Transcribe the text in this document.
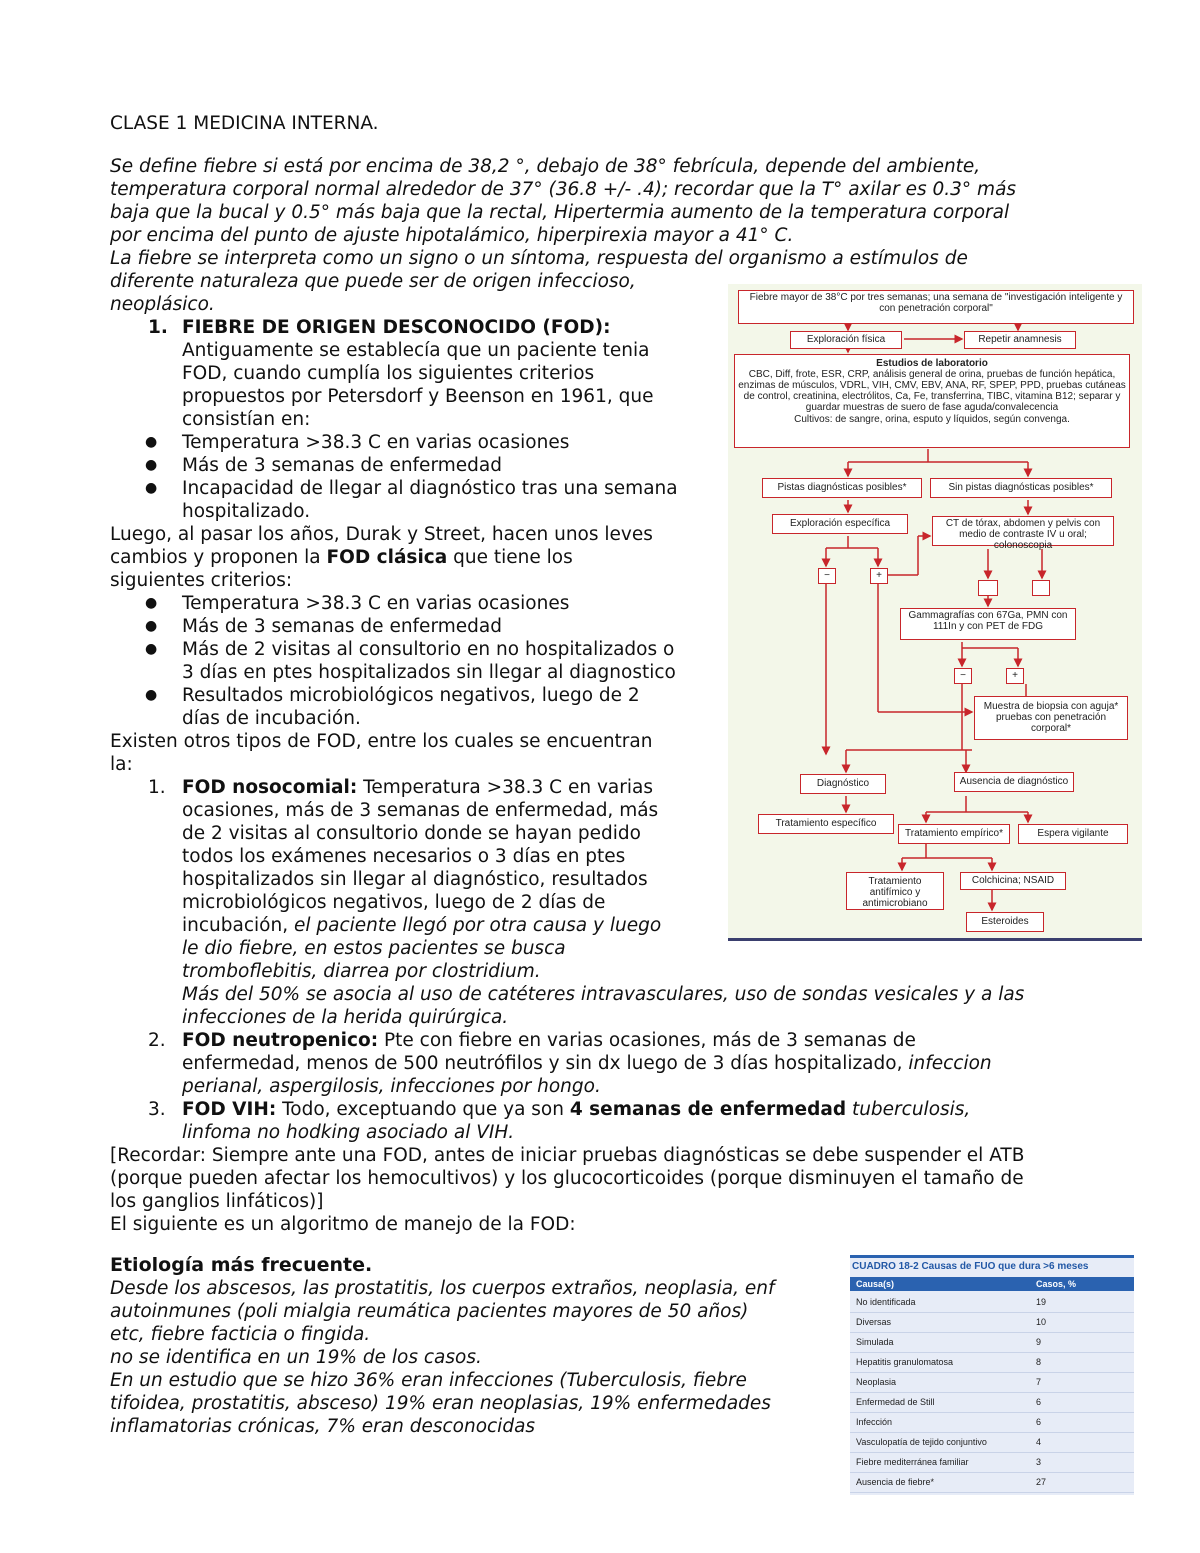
CLASE 1 MEDICINA INTERNA.
Se define fiebre si está por encima de 38,2 °, debajo de 38° febrícula, depende del ambiente,
temperatura corporal normal alrededor de 37° (36.8 +/- .4); recordar que la T° axilar es 0.3° más
baja que la bucal y 0.5° más baja que la rectal, Hipertermia aumento de la temperatura corporal
por encima del punto de ajuste hipotalámico, hiperpirexia mayor a 41° C.
La fiebre se interpreta como un signo o un síntoma, respuesta del organismo a estímulos de
diferente naturaleza que puede ser de origen infeccioso,
neoplásico.
1. FIEBRE DE ORIGEN DESCONOCIDO (FOD):
Antiguamente se establecía que un paciente tenia
FOD, cuando cumplía los siguientes criterios
propuestos por Petersdorf y Beenson en 1961, que
consistían en:
● Temperatura >38.3 C en varias ocasiones
● Más de 3 semanas de enfermedad
● Incapacidad de llegar al diagnóstico tras una semana
hospitalizado.
Luego, al pasar los años, Durak y Street, hacen unos leves
cambios y proponen la FOD clásica que tiene los
siguientes criterios:
● Temperatura >38.3 C en varias ocasiones
● Más de 3 semanas de enfermedad
● Más de 2 visitas al consultorio en no hospitalizados o
3 días en ptes hospitalizados sin llegar al diagnostico
● Resultados microbiológicos negativos, luego de 2
días de incubación.
Existen otros tipos de FOD, entre los cuales se encuentran
la:
1. FOD nosocomial: Temperatura >38.3 C en varias
ocasiones, más de 3 semanas de enfermedad, más
de 2 visitas al consultorio donde se hayan pedido
todos los exámenes necesarios o 3 días en ptes
hospitalizados sin llegar al diagnóstico, resultados
microbiológicos negativos, luego de 2 días de
incubación, el paciente llegó por otra causa y luego
le dio fiebre, en estos pacientes se busca
tromboflebitis, diarrea por clostridium.
Más del 50% se asocia al uso de catéteres intravasculares, uso de sondas vesicales y a las
infecciones de la herida quirúrgica.
2. FOD neutropenico: Pte con fiebre en varias ocasiones, más de 3 semanas de
enfermedad, menos de 500 neutrófilos y sin dx luego de 3 días hospitalizado, infeccion
perianal, aspergilosis, infecciones por hongo.
3. FOD VIH: Todo, exceptuando que ya son 4 semanas de enfermedad tuberculosis,
linfoma no hodking asociado al VIH.
[Recordar: Siempre ante una FOD, antes de iniciar pruebas diagnósticas se debe suspender el ATB
(porque pueden afectar los hemocultivos) y los glucocorticoides (porque disminuyen el tamaño de
los ganglios linfáticos)]
El siguiente es un algoritmo de manejo de la FOD:
Etiología más frecuente.
Desde los abscesos, las prostatitis, los cuerpos extraños, neoplasia, enf
autoinmunes (poli mialgia reumática pacientes mayores de 50 años)
etc, fiebre facticia o fingida.
no se identifica en un 19% de los casos.
En un estudio que se hizo 36% eran infecciones (Tuberculosis, fiebre
tifoidea, prostatitis, absceso) 19% eran neoplasias, 19% enfermedades
inflamatorias crónicas, 7% eran desconocidas
Fiebre mayor de 38°C por tres semanas; una semana de "investigación inteligente y con penetración corporal"
Exploración física	Repetir anamnesis
Estudios de laboratorio
CBC, Diff, frote, ESR, CRP, análisis general de orina, pruebas de función hepática, enzimas de músculos, VDRL, VIH, CMV, EBV, ANA, RF, SPEP, PPD, pruebas cutáneas de control, creatinina, electrólitos, Ca, Fe, transferrina, TIBC, vitamina B12; separar y guardar muestras de suero de fase aguda/convalecencia
Cultivos: de sangre, orina, esputo y líquidos, según convenga.
Pistas diagnósticas posibles*	Sin pistas diagnósticas posibles*
Exploración específica	CT de tórax, abdomen y pelvis con medio de contraste IV u oral; colonoscopia
−	+
Gammagrafías con 67Ga, PMN con 111In y con PET de FDG
−	+
Muestra de biopsia con aguja* pruebas con penetración corporal*
Diagnóstico	Ausencia de diagnóstico
Tratamiento específico
Tratamiento empírico*	Espera vigilante
Tratamiento antifímico y antimicrobiano
Colchicina; NSAID
Esteroides
CUADRO 18-2 Causas de FUO que dura >6 meses
Causa(s)	Casos, %
No identificada	19
Diversas	10
Simulada	9
Hepatitis granulomatosa	8
Neoplasia	7
Enfermedad de Still	6
Infección	6
Vasculopatía de tejido conjuntivo	4
Fiebre mediterránea familiar	3
Ausencia de fiebre*	27
